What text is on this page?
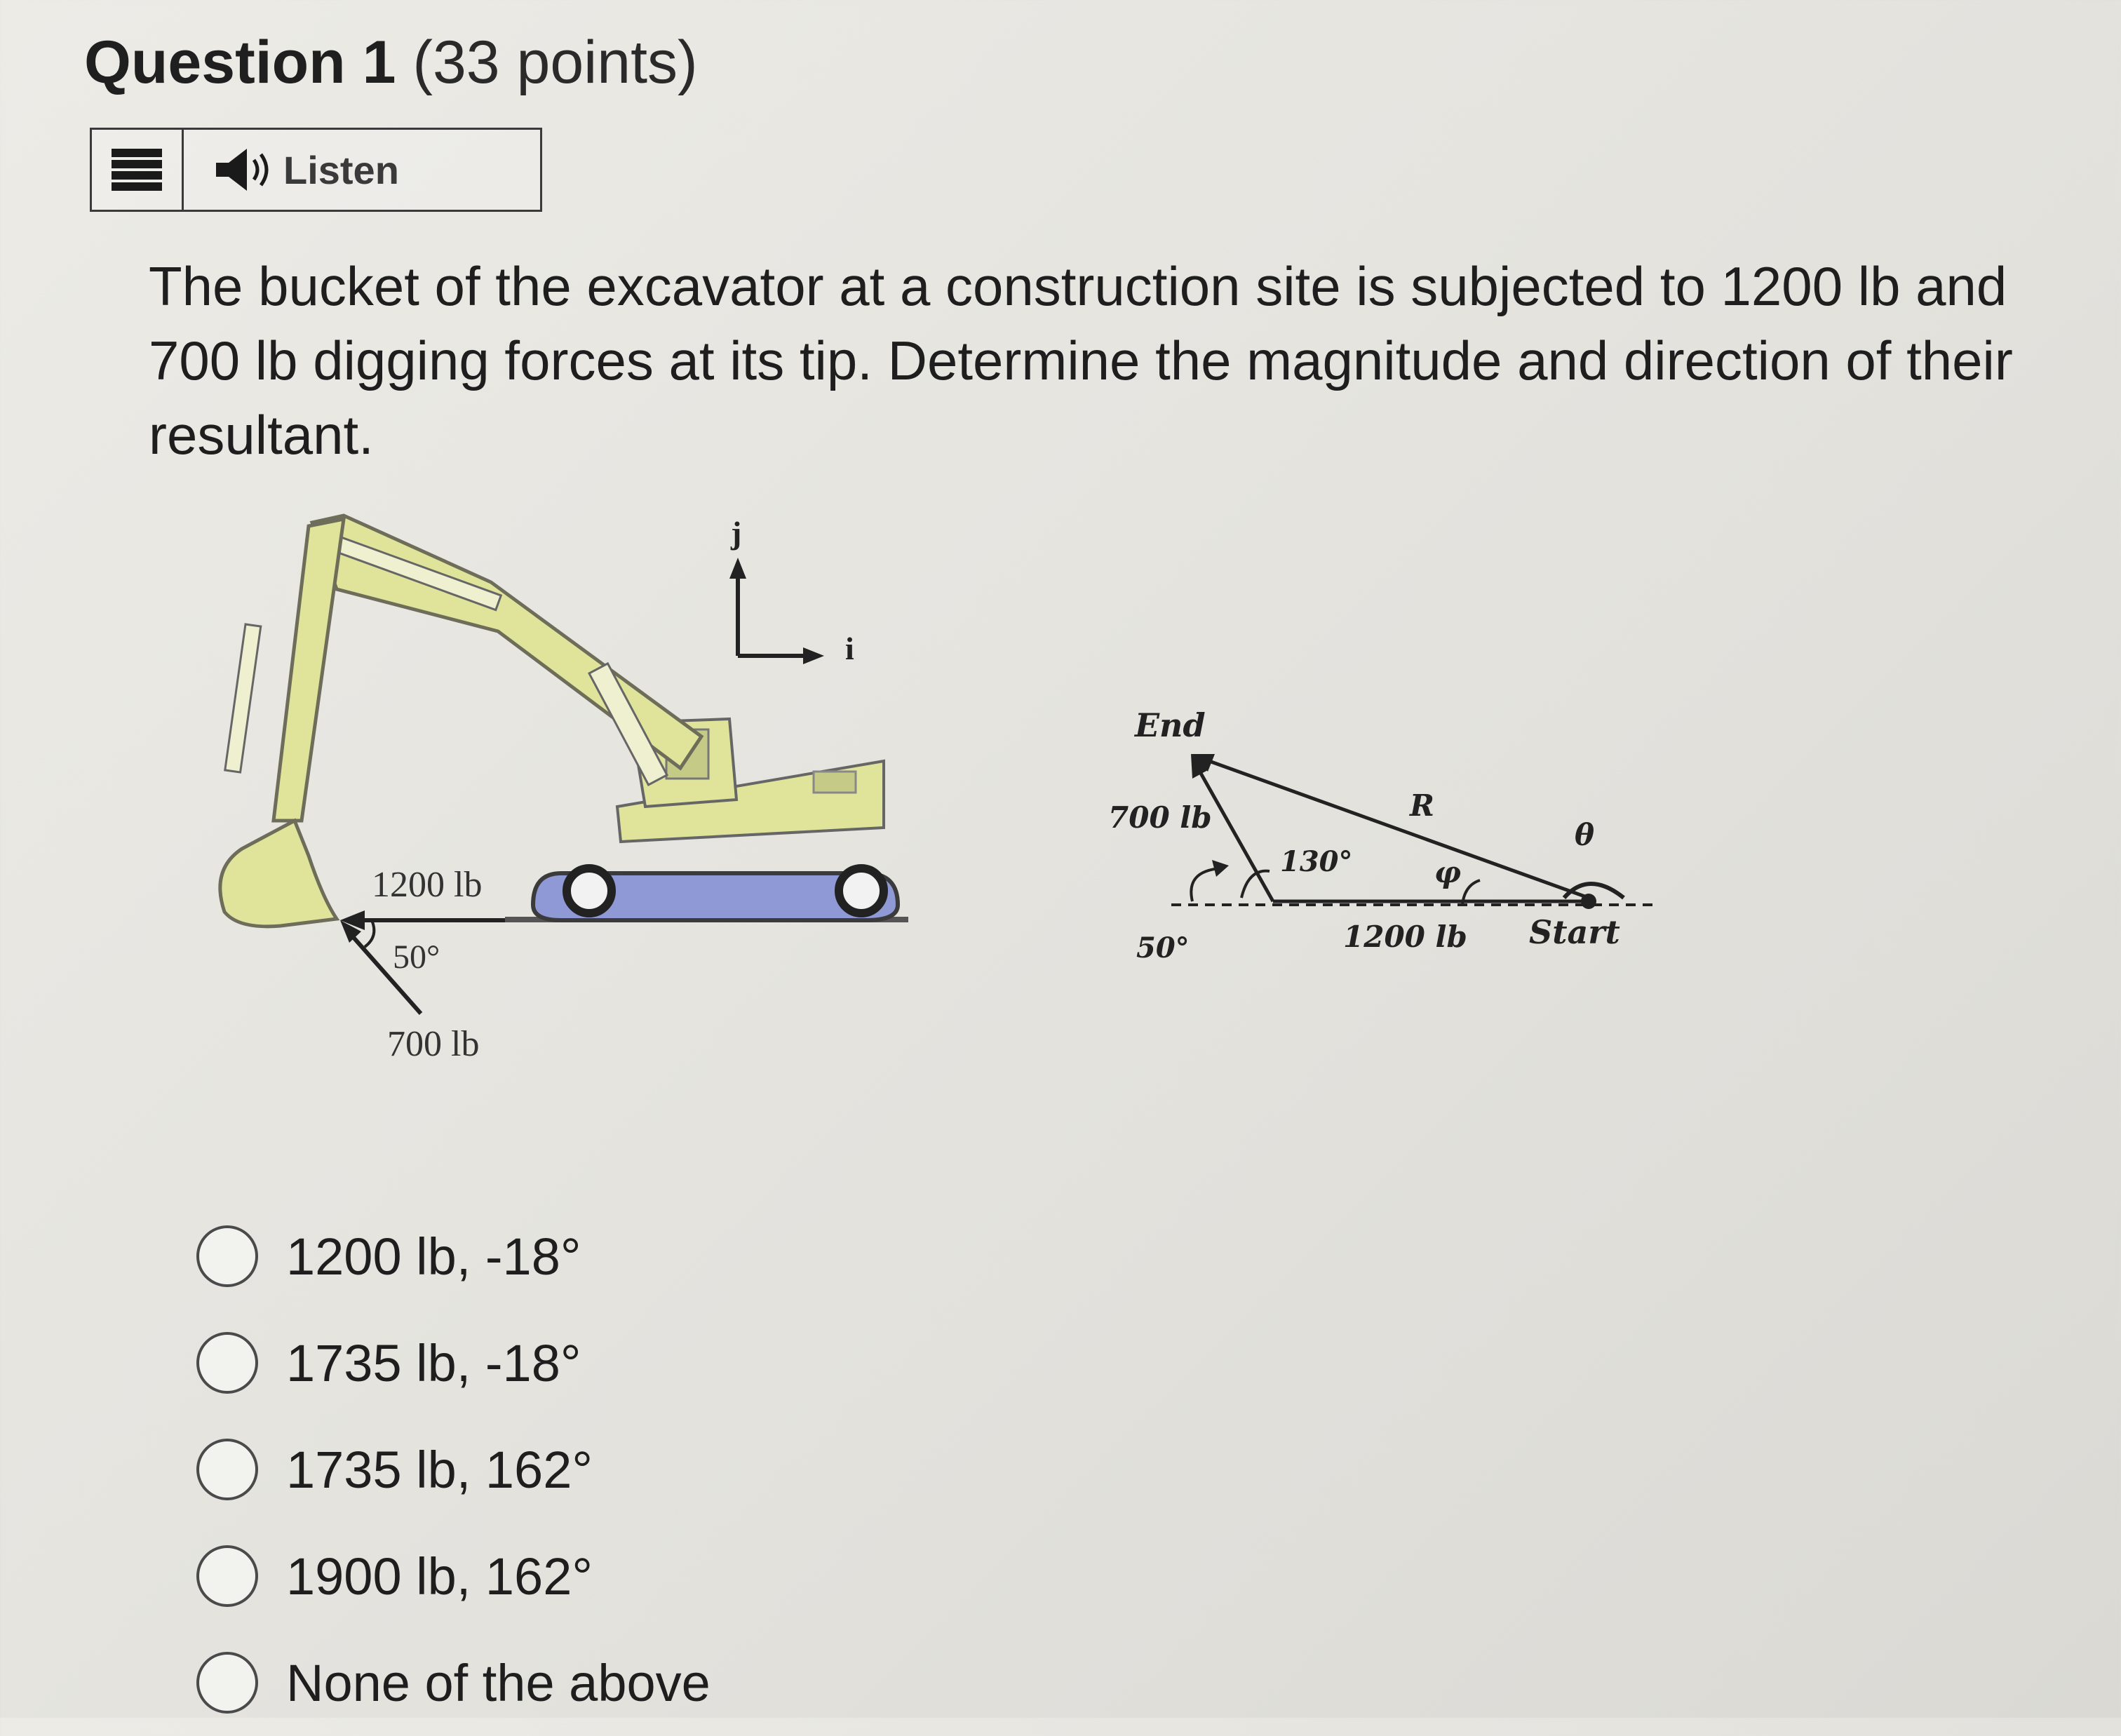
Question 1 (33 points)
Listen

The bucket of the excavator at a construction site is subjected to 1200 lb and 700 lb digging forces at its tip. Determine the magnitude and direction of their resultant.

j
i
1200 lb
50°
700 lb
End
700 lb	R
θ
130°	φ
50°	1200 lb Start
1200 lb, -18°
1735 lb, -18°
1735 lb, 162°
1900 lb, 162°
None of the above
